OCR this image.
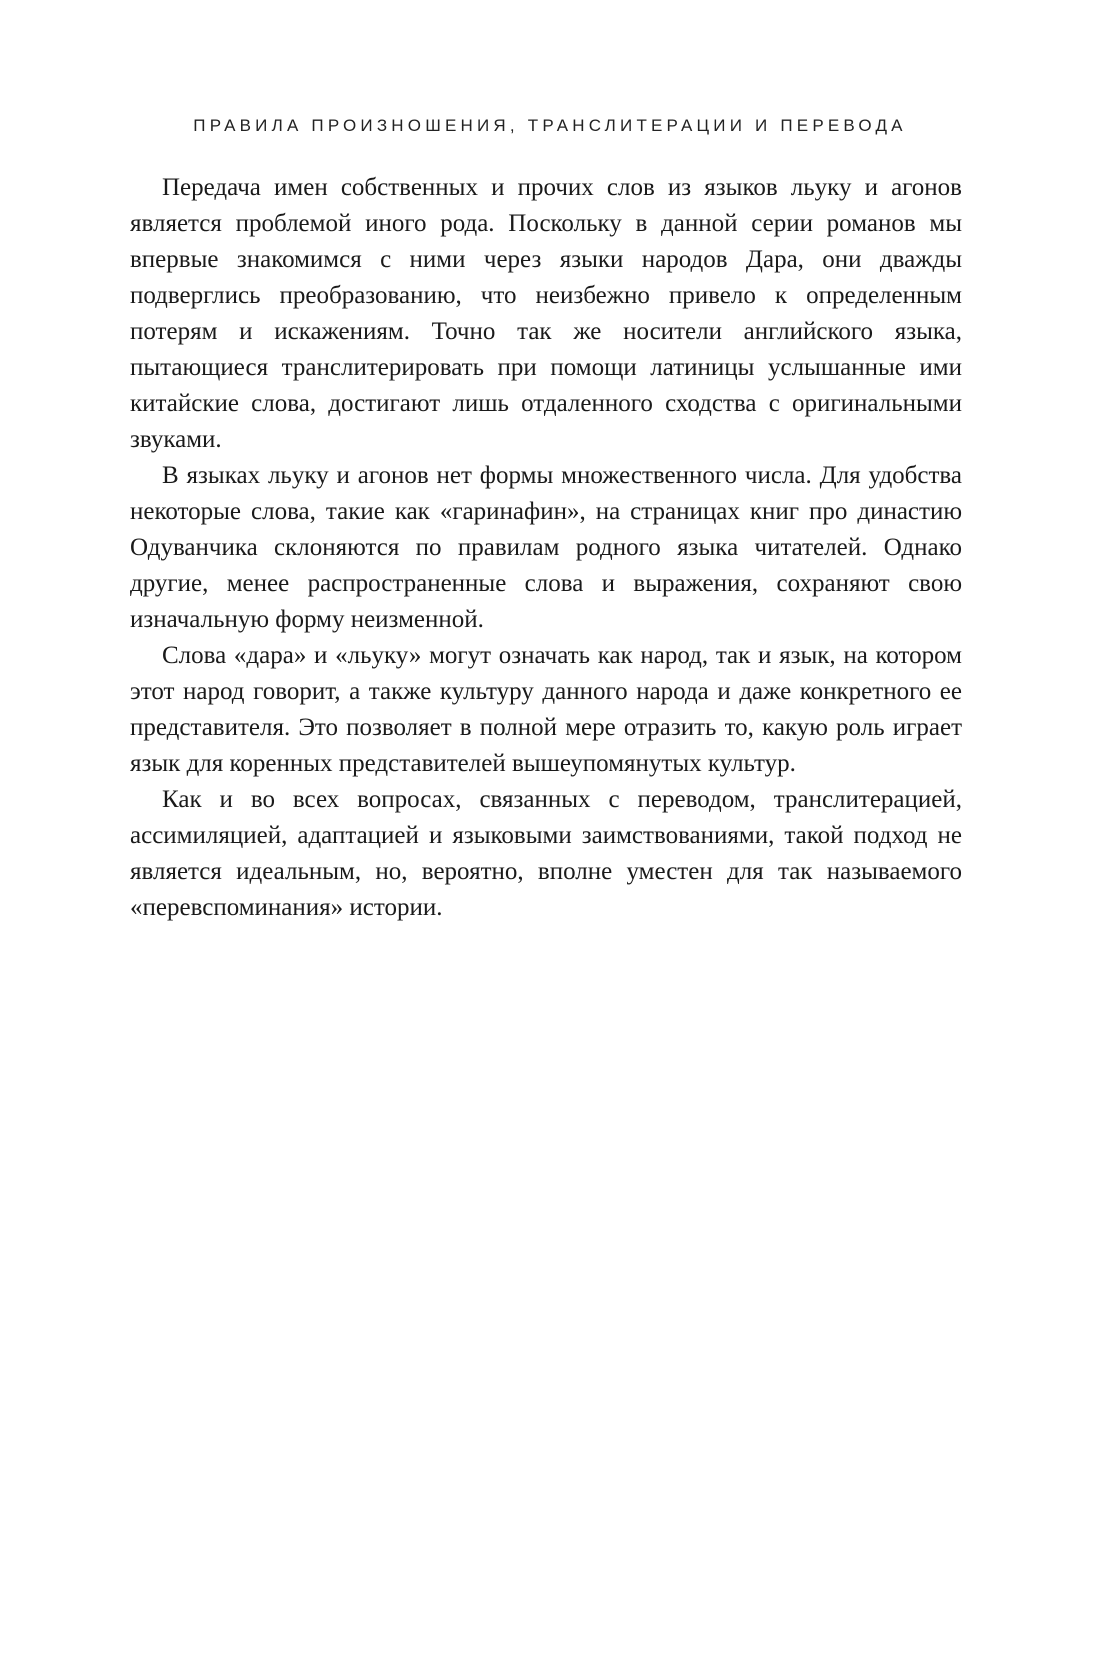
ПРАВИЛА ПРОИЗНОШЕНИЯ, ТРАНСЛИТЕРАЦИИ И ПЕРЕВОДА

Передача имен собственных и прочих слов из языков льуку и агонов является проблемой иного рода. Поскольку в данной серии романов мы впервые знакомимся с ними через языки народов Дара, они дважды подверглись преобразованию, что неизбежно привело к определенным потерям и искажениям. Точно так же носители английского языка, пытающиеся транслитерировать при помощи латиницы услышанные ими китайские слова, достигают лишь отдаленного сходства с оригинальными звуками.

В языках льуку и агонов нет формы множественного числа. Для удобства некоторые слова, такие как «гаринафин», на страницах книг про династию Одуванчика склоняются по правилам родного языка читателей. Однако другие, менее распространенные слова и выражения, сохраняют свою изначальную форму неизменной.

Слова «дара» и «льуку» могут означать как народ, так и язык, на котором этот народ говорит, а также культуру данного народа и даже конкретного ее представителя. Это позволяет в полной мере отразить то, какую роль играет язык для коренных представителей вышеупомянутых культур.

Как и во всех вопросах, связанных с переводом, транслитерацией, ассимиляцией, адаптацией и языковыми заимствованиями, такой подход не является идеальным, но, вероятно, вполне уместен для так называемого «перевспоминания» истории.
